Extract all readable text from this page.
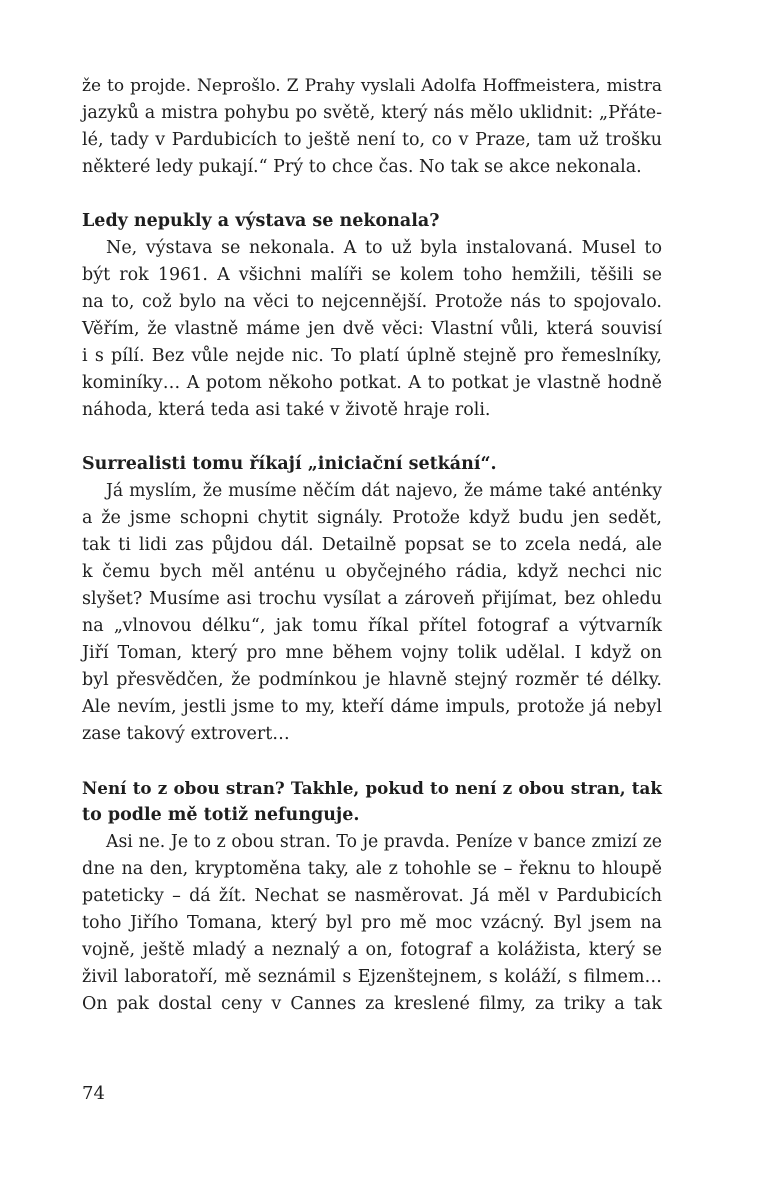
že to projde. Neprošlo. Z Prahy vyslali Adolfa Hoffmeistera, mistra
jazyků a mistra pohybu po světě, který nás mělo uklidnit: „Přáte-
lé, tady v Pardubicích to ještě není to, co v Praze, tam už trošku
některé ledy pukají.“ Prý to chce čas. No tak se akce nekonala.
Ledy nepukly a výstava se nekonala?
Ne, výstava se nekonala. A to už byla instalovaná. Musel to
být rok 1961. A všichni malíři se kolem toho hemžili, těšili se
na to, což bylo na věci to nejcennější. Protože nás to spojovalo.
Věřím, že vlastně máme jen dvě věci: Vlastní vůli, která souvisí
i s pílí. Bez vůle nejde nic. To platí úplně stejně pro řemeslníky,
kominíky… A potom někoho potkat. A to potkat je vlastně hodně
náhoda, která teda asi také v životě hraje roli.
Surrealisti tomu říkají „iniciační setkání“.
Já myslím, že musíme něčím dát najevo, že máme také anténky
a že jsme schopni chytit signály. Protože když budu jen sedět,
tak ti lidi zas půjdou dál. Detailně popsat se to zcela nedá, ale
k čemu bych měl anténu u obyčejného rádia, když nechci nic
slyšet? Musíme asi trochu vysílat a zároveň přijímat, bez ohledu
na „vlnovou délku“, jak tomu říkal přítel fotograf a výtvarník
Jiří Toman, který pro mne během vojny tolik udělal. I když on
byl přesvědčen, že podmínkou je hlavně stejný rozměr té délky.
Ale nevím, jestli jsme to my, kteří dáme impuls, protože já nebyl
zase takový extrovert…
Není to z obou stran? Takhle, pokud to není z obou stran, tak
to podle mě totiž nefunguje.
Asi ne. Je to z obou stran. To je pravda. Peníze v bance zmizí ze
dne na den, kryptoměna taky, ale z tohohle se – řeknu to hloupě
pateticky – dá žít. Nechat se nasměrovat. Já měl v Pardubicích
toho Jiřího Tomana, který byl pro mě moc vzácný. Byl jsem na
vojně, ještě mladý a neznalý a on, fotograf a kolážista, který se
živil laboratoří, mě seznámil s Ejzenštejnem, s koláží, s filmem…
On pak dostal ceny v Cannes za kreslené filmy, za triky a tak
74
